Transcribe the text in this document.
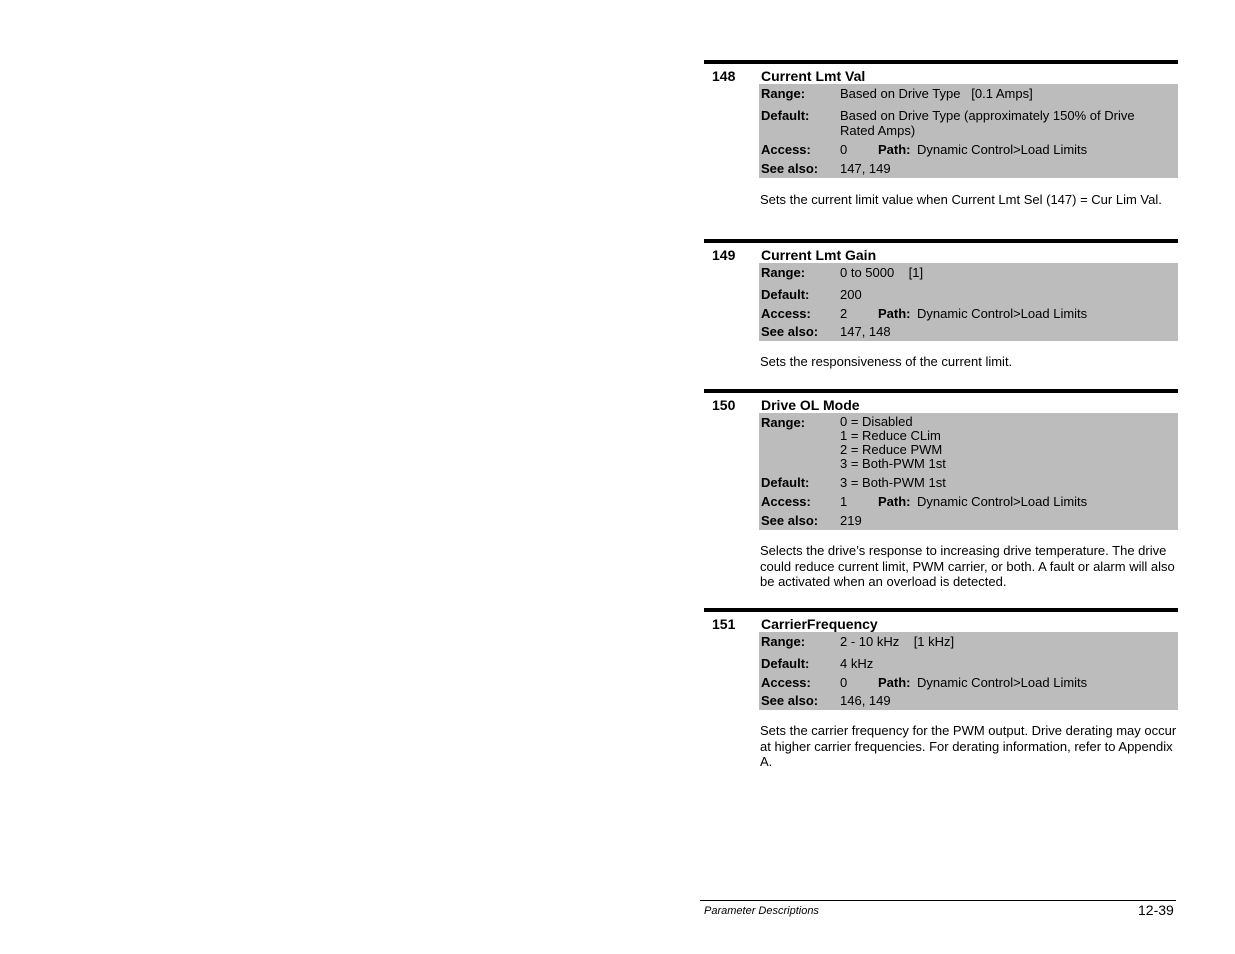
148 Current Lmt Val
Range:	Based on Drive Type   [0.1 Amps]
Default: Based on Drive Type (approximately 150% of Drive Rated Amps)
Access: 0 Path: Dynamic Control>Load Limits
See also: 147, 149
Sets the current limit value when Current Lmt Sel (147) = Cur Lim Val.
149 Current Lmt Gain
Range:	0 to 5000    [1]
Default: 200
Access: 2 Path: Dynamic Control>Load Limits
See also: 147, 148
Sets the responsiveness of the current limit.
150 Drive OL Mode
Range:	0 = Disabled
1 = Reduce CLim
2 = Reduce PWM
3 = Both-PWM 1st
Default: 3 = Both-PWM 1st
Access: 1 Path: Dynamic Control>Load Limits
See also: 219
Selects the drive’s response to increasing drive temperature. The drive could reduce current limit, PWM carrier, or both. A fault or alarm will also be activated when an overload is detected.
151 CarrierFrequency
Range:	2 - 10 kHz    [1 kHz]
Default: 4 kHz
Access: 0 Path: Dynamic Control>Load Limits
See also: 146, 149
Sets the carrier frequency for the PWM output. Drive derating may occur at higher carrier frequencies. For derating information, refer to Appendix A.
Parameter Descriptions	12-39
